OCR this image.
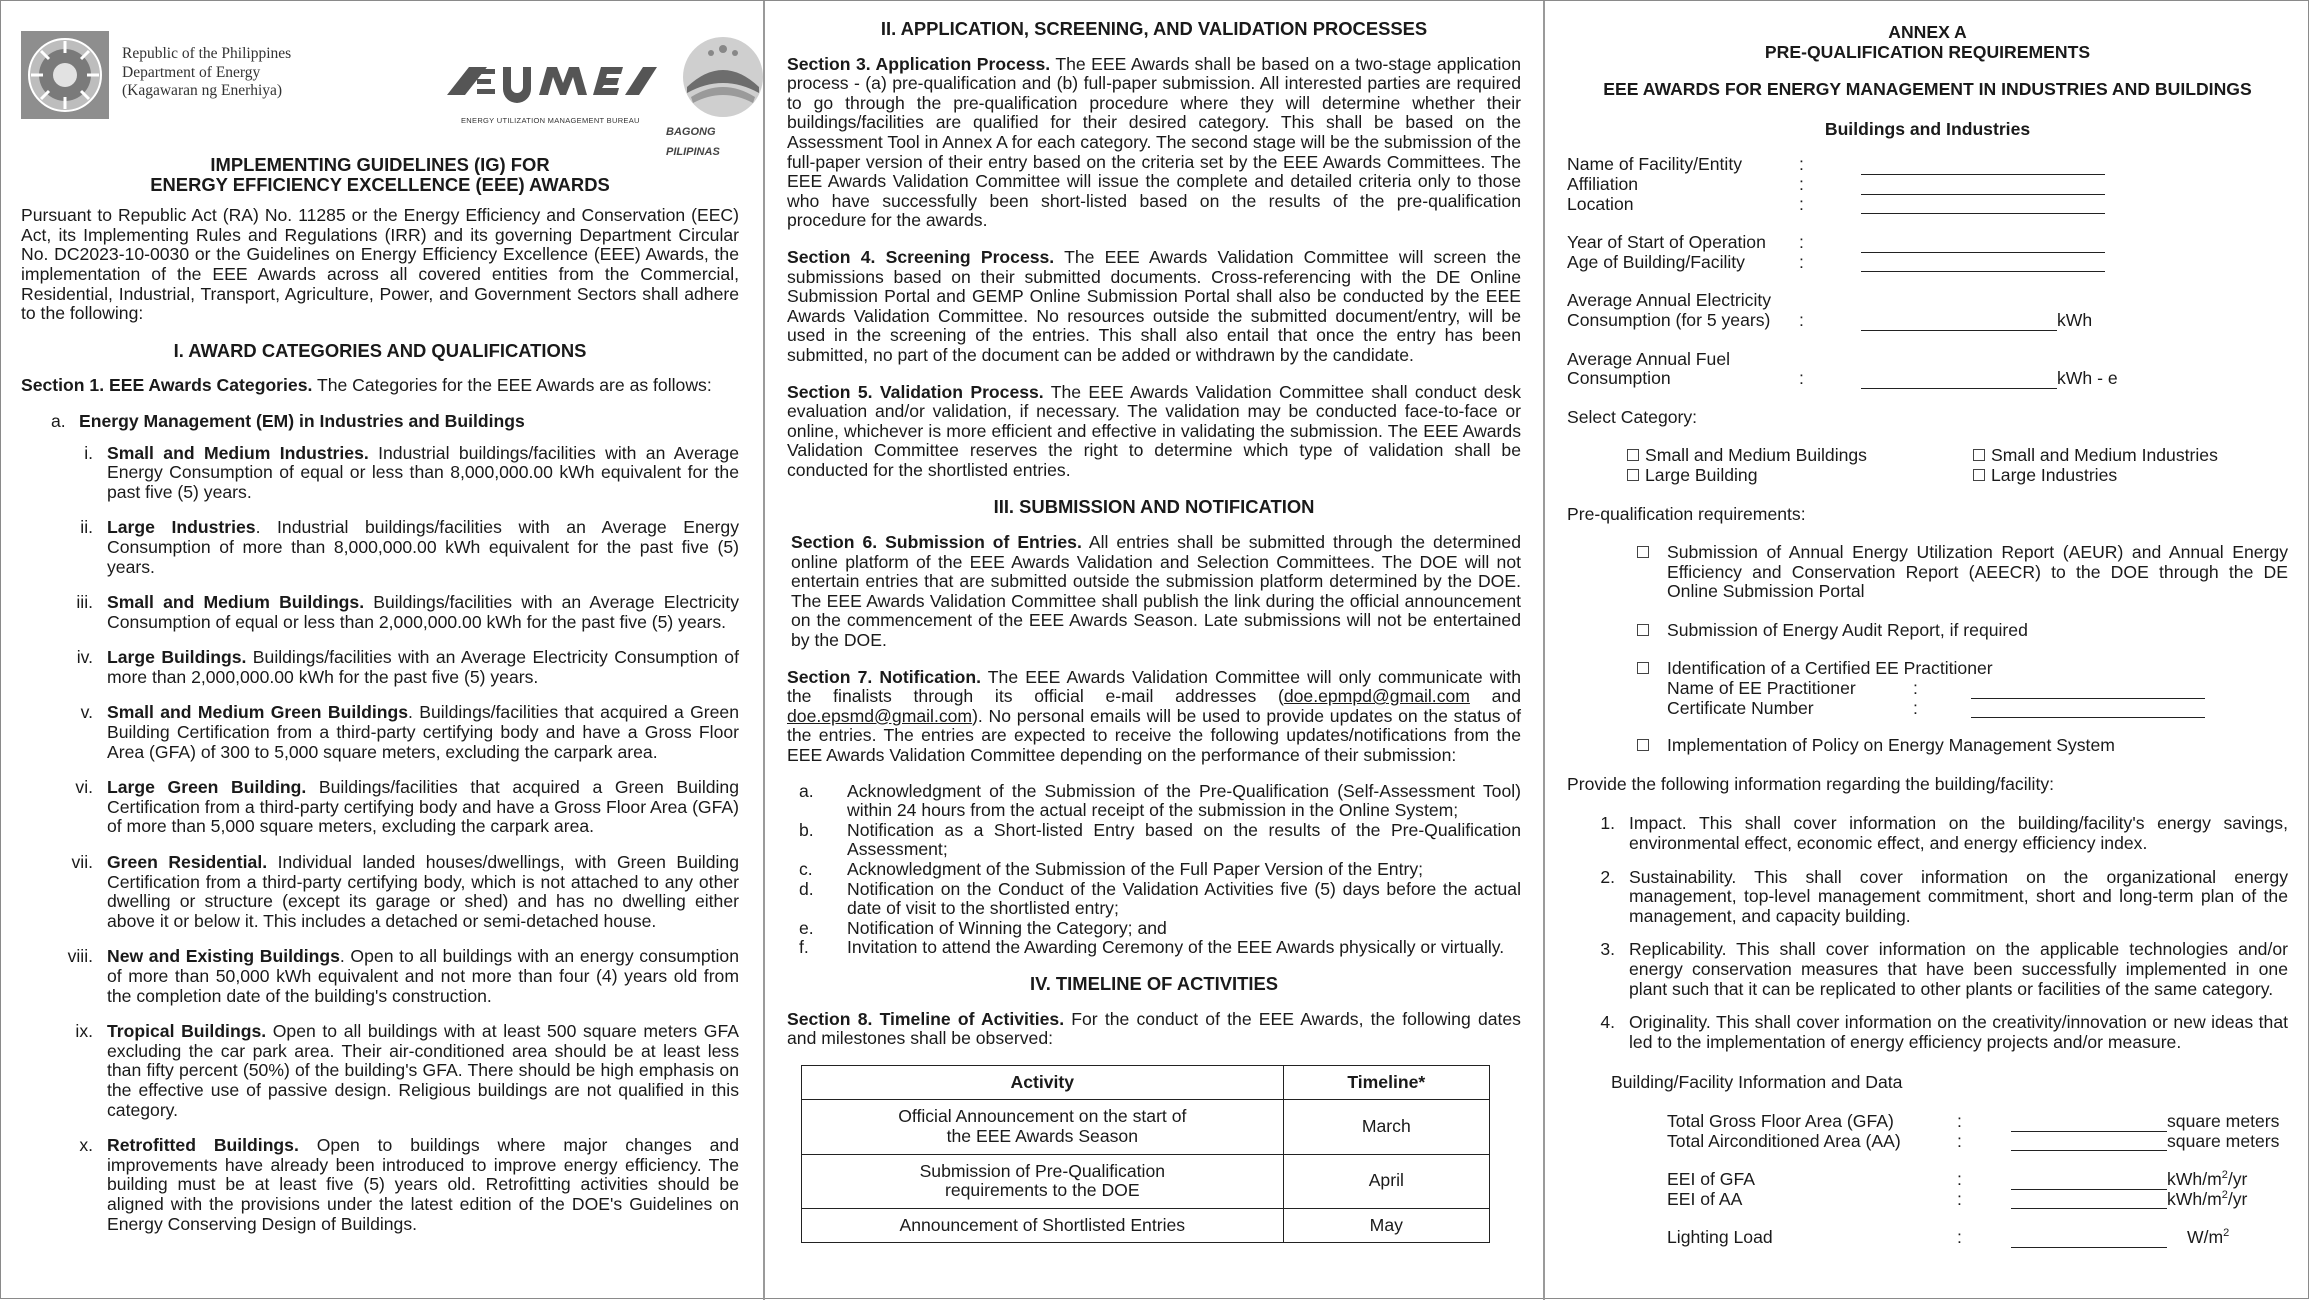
Republic of the Philippines
Department of Energy
(Kagawaran ng Enerhiya)
ENERGY UTILIZATION MANAGEMENT BUREAU
BAGONG PILIPINAS
IMPLEMENTING GUIDELINES (IG) FOR
ENERGY EFFICIENCY EXCELLENCE (EEE) AWARDS

Pursuant to Republic Act (RA) No. 11285 or the Energy Efficiency and Conservation (EEC) Act, its Implementing Rules and Regulations (IRR) and its governing Department Circular No. DC2023-10-0030 or the Guidelines on Energy Efficiency Excellence (EEE) Awards, the implementation of the EEE Awards across all covered entities from the Commercial, Residential, Industrial, Transport, Agriculture, Power, and Government Sectors shall adhere to the following:

I. AWARD CATEGORIES AND QUALIFICATIONS

Section 1. EEE Awards Categories. The Categories for the EEE Awards are as follows:

a. Energy Management (EM) in Industries and Buildings
i. Small and Medium Industries. Industrial buildings/facilities with an Average Energy Consumption of equal or less than 8,000,000.00 kWh equivalent for the past five (5) years.
ii. Large Industries. Industrial buildings/facilities with an Average Energy Consumption of more than 8,000,000.00 kWh equivalent for the past five (5) years.
iii. Small and Medium Buildings. Buildings/facilities with an Average Electricity Consumption of equal or less than 2,000,000.00 kWh for the past five (5) years.
iv. Large Buildings. Buildings/facilities with an Average Electricity Consumption of more than 2,000,000.00 kWh for the past five (5) years.
v. Small and Medium Green Buildings. Buildings/facilities that acquired a Green Building Certification from a third-party certifying body and have a Gross Floor Area (GFA) of 300 to 5,000 square meters, excluding the carpark area.
vi. Large Green Building. Buildings/facilities that acquired a Green Building Certification from a third-party certifying body and have a Gross Floor Area (GFA) of more than 5,000 square meters, excluding the carpark area.
vii. Green Residential. Individual landed houses/dwellings, with Green Building Certification from a third-party certifying body, which is not attached to any other dwelling or structure (except its garage or shed) and has no dwelling either above it or below it. This includes a detached or semi-detached house.
viii. New and Existing Buildings. Open to all buildings with an energy consumption of more than 50,000 kWh equivalent and not more than four (4) years old from the completion date of the building's construction.
ix. Tropical Buildings. Open to all buildings with at least 500 square meters GFA excluding the car park area. Their air-conditioned area should be at least less than fifty percent (50%) of the building's GFA. There should be high emphasis on the effective use of passive design. Religious buildings are not qualified in this category.
x. Retrofitted Buildings. Open to buildings where major changes and improvements have already been introduced to improve energy efficiency. The building must be at least five (5) years old. Retrofitting activities should be aligned with the provisions under the latest edition of the DOE's Guidelines on Energy Conserving Design of Buildings.
II. APPLICATION, SCREENING, AND VALIDATION PROCESSES

Section 3. Application Process. The EEE Awards shall be based on a two-stage application process - (a) pre-qualification and (b) full-paper submission. All interested parties are required to go through the pre-qualification procedure where they will determine whether their buildings/facilities are qualified for their desired category. This shall be based on the Assessment Tool in Annex A for each category. The second stage will be the submission of the full-paper version of their entry based on the criteria set by the EEE Awards Committees. The EEE Awards Validation Committee will issue the complete and detailed criteria only to those who have successfully been short-listed based on the results of the pre-qualification procedure for the awards.

Section 4. Screening Process. The EEE Awards Validation Committee will screen the submissions based on their submitted documents. Cross-referencing with the DE Online Submission Portal and GEMP Online Submission Portal shall also be conducted by the EEE Awards Validation Committee. No resources outside the submitted document/entry, will be used in the screening of the entries. This shall also entail that once the entry has been submitted, no part of the document can be added or withdrawn by the candidate.

Section 5. Validation Process. The EEE Awards Validation Committee shall conduct desk evaluation and/or validation, if necessary. The validation may be conducted face-to-face or online, whichever is more efficient and effective in validating the submission. The EEE Awards Validation Committee reserves the right to determine which type of validation shall be conducted for the shortlisted entries.

III. SUBMISSION AND NOTIFICATION

Section 6. Submission of Entries. All entries shall be submitted through the determined online platform of the EEE Awards Validation and Selection Committees. The DOE will not entertain entries that are submitted outside the submission platform determined by the DOE. The EEE Awards Validation Committee shall publish the link during the official announcement on the commencement of the EEE Awards Season. Late submissions will not be entertained by the DOE.

Section 7. Notification. The EEE Awards Validation Committee will only communicate with the finalists through its official e-mail addresses (doe.epmpd@gmail.com and doe.epsmd@gmail.com). No personal emails will be used to provide updates on the status of the entries. The entries are expected to receive the following updates/notifications from the EEE Awards Validation Committee depending on the performance of their submission:

a.	Acknowledgment of the Submission of the Pre-Qualification (Self-Assessment Tool) within 24 hours from the actual receipt of the submission in the Online System;
b.	Notification as a Short-listed Entry based on the results of the Pre-Qualification Assessment;
c.	Acknowledgment of the Submission of the Full Paper Version of the Entry;
d.	Notification on the Conduct of the Validation Activities five (5) days before the actual date of visit to the shortlisted entry;
e.	Notification of Winning the Category; and
f.	Invitation to attend the Awarding Ceremony of the EEE Awards physically or virtually.
IV. TIMELINE OF ACTIVITIES

Section 8. Timeline of Activities. For the conduct of the EEE Awards, the following dates and milestones shall be observed:

Activity	Timeline*

Official Announcement on the start of the EEE Awards Season	March

Submission of Pre-Qualification requirements to the DOE	April

Announcement of Shortlisted Entries	May
ANNEX A
PRE-QUALIFICATION REQUIREMENTS
EEE AWARDS FOR ENERGY MANAGEMENT IN INDUSTRIES AND BUILDINGS
Buildings and Industries
Name of Facility/Entity	:
Affiliation	:
Location	:
Year of Start of Operation	:
Age of Building/Facility	:
Average Annual Electricity
Consumption (for 5 years)	:	kWh
Average Annual Fuel
Consumption	:	kWh - e
Select Category:
Small and Medium Buildings
Large Building
Small and Medium Industries
Large Industries
Pre-qualification requirements:
Submission of Annual Energy Utilization Report (AEUR) and Annual Energy Efficiency and Conservation Report (AEECR) to the DOE through the DE Online Submission Portal
Submission of Energy Audit Report, if required
Identification of a Certified EE Practitioner
Name of EE Practitioner	:
Certificate Number	:
Implementation of Policy on Energy Management System
Provide the following information regarding the building/facility:
1. Impact. This shall cover information on the building/facility's energy savings, environmental effect, economic effect, and energy efficiency index.
2. Sustainability. This shall cover information on the organizational energy management, top-level management commitment, short and long-term plan of the management, and capacity building.
3. Replicability. This shall cover information on the applicable technologies and/or energy conservation measures that have been successfully implemented in one plant such that it can be replicated to other plants or facilities of the same category.
4. Originality. This shall cover information on the creativity/innovation or new ideas that led to the implementation of energy efficiency projects and/or measure.
Building/Facility Information and Data
Total Gross Floor Area (GFA)	:	square meters
Total Airconditioned Area (AA)	:	square meters
EEI of GFA	:	kWh/$m^2/yr$
EEI of AA	:	kWh/$m^2/yr$
Lighting Load	:	$W/m^2$
